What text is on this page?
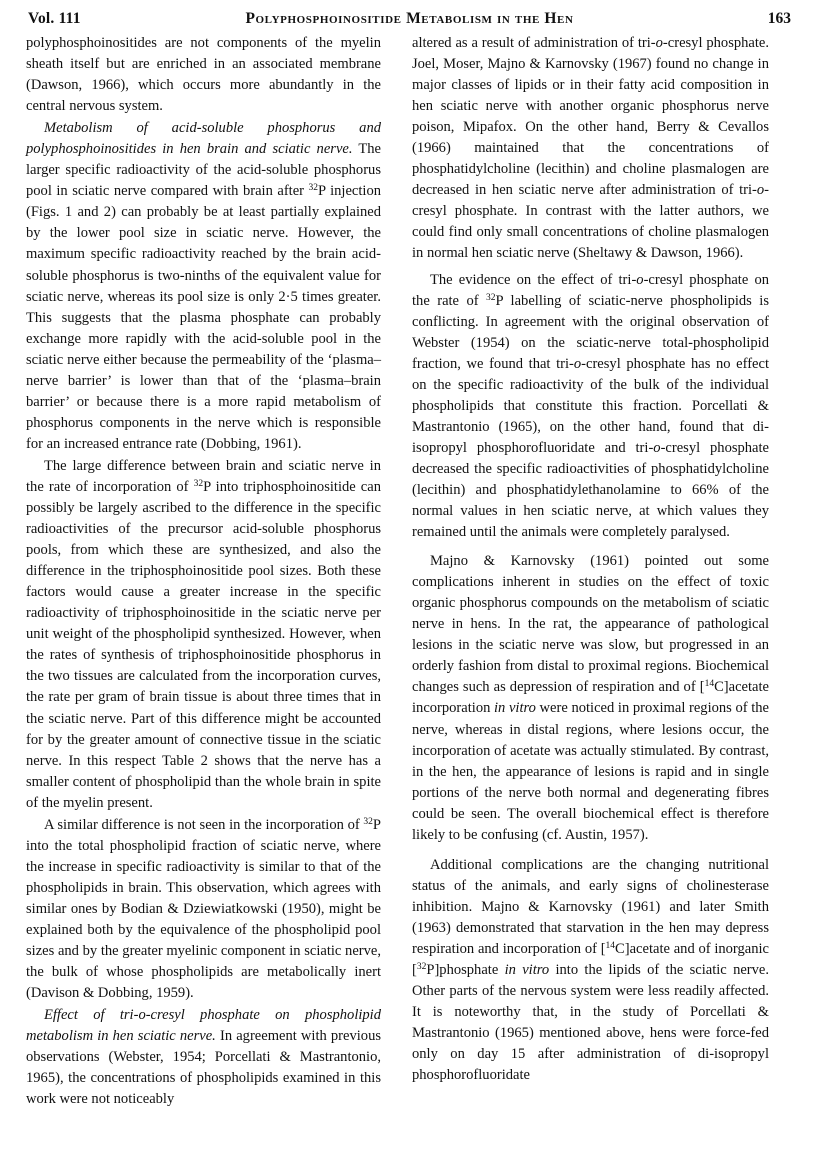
Vol. 111	Polyphosphoinositide Metabolism in the Hen	163

polyphosphoinositides are not components of the myelin sheath itself but are enriched in an associated membrane (Dawson, 1966), which occurs more abundantly in the central nervous system.

Metabolism of acid-soluble phosphorus and polyphosphoinositides in hen brain and sciatic nerve. The larger specific radioactivity of the acid-soluble phosphorus pool in sciatic nerve compared with brain after $^{32}$P injection (Figs. 1 and 2) can probably be at least partially explained by the lower pool size in sciatic nerve. However, the maximum specific radioactivity reached by the brain acid-soluble phosphorus is two-ninths of the equivalent value for sciatic nerve, whereas its pool size is only 2·5 times greater. This suggests that the plasma phosphate can probably exchange more rapidly with the acid-soluble pool in the sciatic nerve either because the permeability of the ‘plasma–nerve barrier’ is lower than that of the ‘plasma–brain barrier’ or because there is a more rapid metabolism of phosphorus components in the nerve which is responsible for an increased entrance rate (Dobbing, 1961).

The large difference between brain and sciatic nerve in the rate of incorporation of $^{32}$P into triphosphoinositide can possibly be largely ascribed to the difference in the specific radioactivities of the precursor acid-soluble phosphorus pools, from which these are synthesized, and also the difference in the triphosphoinositide pool sizes. Both these factors would cause a greater increase in the specific radioactivity of triphosphoinositide in the sciatic nerve per unit weight of the phospholipid synthesized. However, when the rates of synthesis of triphosphoinositide phosphorus in the two tissues are calculated from the incorporation curves, the rate per gram of brain tissue is about three times that in the sciatic nerve. Part of this difference might be accounted for by the greater amount of connective tissue in the sciatic nerve. In this respect Table 2 shows that the nerve has a smaller content of phospholipid than the whole brain in spite of the myelin present.

A similar difference is not seen in the incorporation of $^{32}$P into the total phospholipid fraction of sciatic nerve, where the increase in specific radioactivity is similar to that of the phospholipids in brain. This observation, which agrees with similar ones by Bodian & Dziewiatkowski (1950), might be explained both by the equivalence of the phospholipid pool sizes and by the greater myelinic component in sciatic nerve, the bulk of whose phospholipids are metabolically inert (Davison & Dobbing, 1959).

Effect of tri-o-cresyl phosphate on phospholipid metabolism in hen sciatic nerve. In agreement with previous observations (Webster, 1954; Porcellati & Mastrantonio, 1965), the concentrations of phospholipids examined in this work were not noticeably

altered as a result of administration of tri-o-cresyl phosphate. Joel, Moser, Majno & Karnovsky (1967) found no change in major classes of lipids or in their fatty acid composition in hen sciatic nerve with another organic phosphorus nerve poison, Mipafox. On the other hand, Berry & Cevallos (1966) maintained that the concentrations of phosphatidylcholine (lecithin) and choline plasmalogen are decreased in hen sciatic nerve after administration of tri-o-cresyl phosphate. In contrast with the latter authors, we could find only small concentrations of choline plasmalogen in normal hen sciatic nerve (Sheltawy & Dawson, 1966).

The evidence on the effect of tri-o-cresyl phosphate on the rate of $^{32}$P labelling of sciatic-nerve phospholipids is conflicting. In agreement with the original observation of Webster (1954) on the sciatic-nerve total-phospholipid fraction, we found that tri-o-cresyl phosphate has no effect on the specific radioactivity of the bulk of the individual phospholipids that constitute this fraction. Porcellati & Mastrantonio (1965), on the other hand, found that di-isopropyl phosphorofluoridate and tri-o-cresyl phosphate decreased the specific radioactivities of phosphatidylcholine (lecithin) and phosphatidylethanolamine to 66% of the normal values in hen sciatic nerve, at which values they remained until the animals were completely paralysed.

Majno & Karnovsky (1961) pointed out some complications inherent in studies on the effect of toxic organic phosphorus compounds on the metabolism of sciatic nerve in hens. In the rat, the appearance of pathological lesions in the sciatic nerve was slow, but progressed in an orderly fashion from distal to proximal regions. Biochemical changes such as depression of respiration and of [$^{14}$C]acetate incorporation in vitro were noticed in proximal regions of the nerve, whereas in distal regions, where lesions occur, the incorporation of acetate was actually stimulated. By contrast, in the hen, the appearance of lesions is rapid and in single portions of the nerve both normal and degenerating fibres could be seen. The overall biochemical effect is therefore likely to be confusing (cf. Austin, 1957).

Additional complications are the changing nutritional status of the animals, and early signs of cholinesterase inhibition. Majno & Karnovsky (1961) and later Smith (1963) demonstrated that starvation in the hen may depress respiration and incorporation of [$^{14}$C]acetate and of inorganic [$^{32}$P]phosphate in vitro into the lipids of the sciatic nerve. Other parts of the nervous system were less readily affected. It is noteworthy that, in the study of Porcellati & Mastrantonio (1965) mentioned above, hens were force-fed only on day 15 after administration of di-isopropyl phosphorofluoridate
